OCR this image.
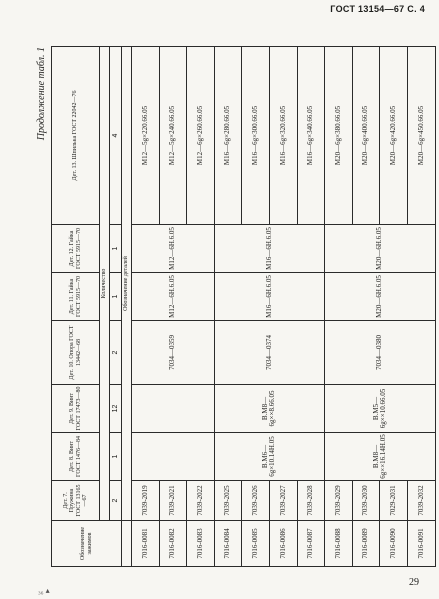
ГОСТ 13154—67 С. 4
Продолжение табл. 1
Обозначение зажимов	Дет. 7. Пружина ГОСТ 13165—67	Дет. 8. Винт ГОСТ 1476—84	Дет. 9. Винт ГОСТ 17473—80	Дет. 10. Опора ГОСТ 13442—68	Дет. 11. Гайка ГОСТ 5915—70	Дет. 12. Гайка ГОСТ 5915—70	Дет. 13. Шпилька ГОСТ 22042—76
	Количество						
	2	1	12	2	1	1	4
	Обозначение деталей						
7016-0081	7039-2019			7034—0359	M12—6H.6.05	M12—6H.6.05	M12—5g×220.66.05
7016-0082	7039-2021						M12—5g×240.66.05
7016-0083	7039-2022						M12—6g×260.66.05
7016-0084	7039-2025	B.M6—6g×10.14H.05	B.M8—6g××8.66.05	7034—0374	M16—6H.6.05	M16—6H.6.05	M16—6g×280.66.05
7016-0085	7039-2026						M16—6g×300.66.05
7016-0086	7039-2027						M16—6g×320.66.05
7016-0087	7039-2028						M16—6g×340.66.05
7016-0088	7039-2029	B.M8—6g××16.14H.05	B.M5—6g××10.66.05	7034—0380	M20—6H.6.05	M20—6H.6.05	M20—6g×380.66.05
7016-0089	7039-2030						M20—6g×400.66.05
7016-0090	7029-2031						M20—6g×420.66.05
7016-0091	7039-2032						M20—6g×450.66.05
29
₃₆ ▴
